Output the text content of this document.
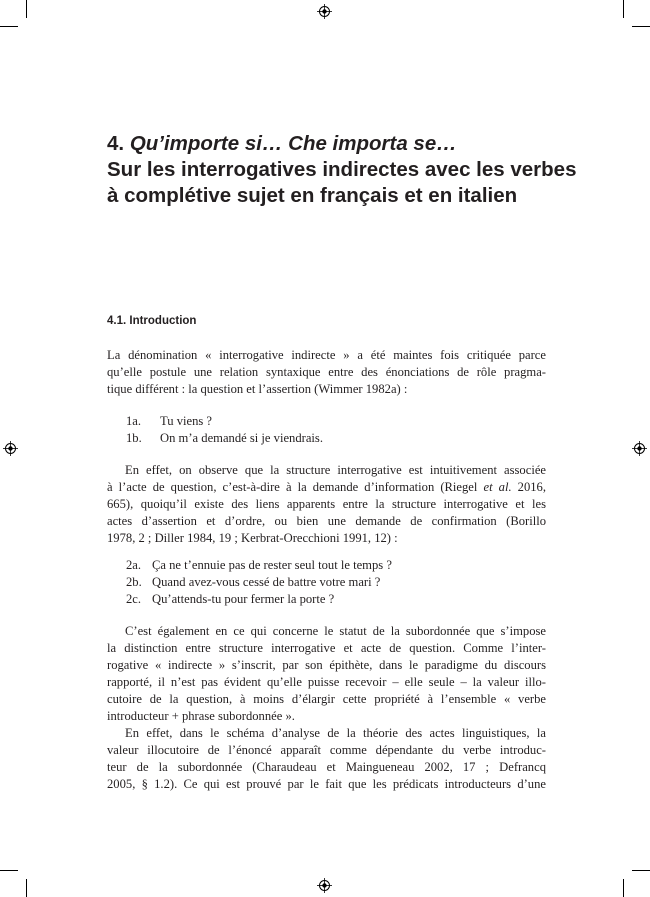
4. Qu’importe si… Che importa se…
Sur les interrogatives indirectes avec les verbes
à complétive sujet en français et en italien
4.1. Introduction
La dénomination « interrogative indirecte » a été maintes fois critiquée parce
qu’elle postule une relation syntaxique entre des énonciations de rôle pragma-
tique différent : la question et l’assertion (Wimmer 1982a) :
1a.	Tu viens ?
1b.	On m’a demandé si je viendrais.
En effet, on observe que la structure interrogative est intuitivement associée
à l’acte de question, c’est-à-dire à la demande d’information (Riegel et al. 2016,
665), quoiqu’il existe des liens apparents entre la structure interrogative et les
actes d’assertion et d’ordre, ou bien une demande de confirmation (Borillo
1978, 2 ; Diller 1984, 19 ; Kerbrat-Orecchioni 1991, 12) :
2a. Ça ne t’ennuie pas de rester seul tout le temps ?
2b. Quand avez-vous cessé de battre votre mari ?
2c. Qu’attends-tu pour fermer la porte ?
C’est également en ce qui concerne le statut de la subordonnée que s’impose
la distinction entre structure interrogative et acte de question. Comme l’inter-
rogative « indirecte » s’inscrit, par son épithète, dans le paradigme du discours
rapporté, il n’est pas évident qu’elle puisse recevoir – elle seule – la valeur illo-
cutoire de la question, à moins d’élargir cette propriété à l’ensemble « verbe
introducteur + phrase subordonnée ».
En effet, dans le schéma d’analyse de la théorie des actes linguistiques, la
valeur illocutoire de l’énoncé apparaît comme dépendante du verbe introduc-
teur de la subordonnée (Charaudeau et Maingueneau 2002, 17 ; Defrancq
2005, § 1.2). Ce qui est prouvé par le fait que les prédicats introducteurs d’une
